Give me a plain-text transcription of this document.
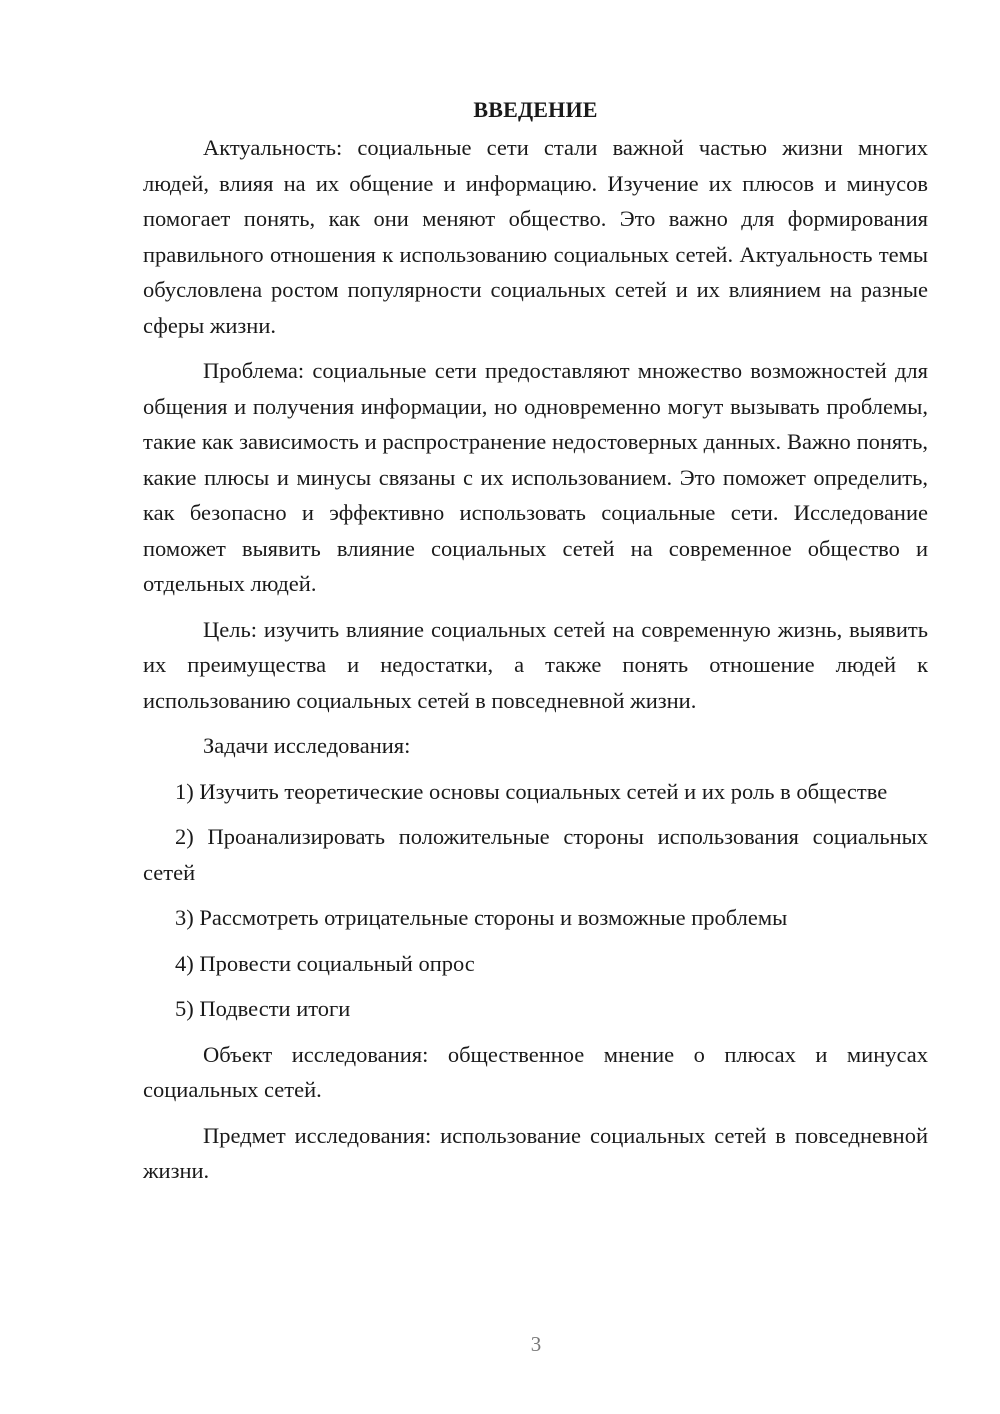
ВВЕДЕНИЕ

Актуальность: социальные сети стали важной частью жизни многих людей, влияя на их общение и информацию. Изучение их плюсов и минусов помогает понять, как они меняют общество. Это важно для формирования правильного отношения к использованию социальных сетей. Актуальность темы обусловлена ростом популярности социальных сетей и их влиянием на разные сферы жизни.

Проблема: социальные сети предоставляют множество возможностей для общения и получения информации, но одновременно могут вызывать проблемы, такие как зависимость и распространение недостоверных данных. Важно понять, какие плюсы и минусы связаны с их использованием. Это поможет определить, как безопасно и эффективно использовать социальные сети. Исследование поможет выявить влияние социальных сетей на современное общество и отдельных людей.

Цель: изучить влияние социальных сетей на современную жизнь, выявить их преимущества и недостатки, а также понять отношение людей к использованию социальных сетей в повседневной жизни.

Задачи исследования:

1) Изучить теоретические основы социальных сетей и их роль в обществе

2) Проанализировать положительные стороны использования социальных сетей

3) Рассмотреть отрицательные стороны и возможные проблемы

4) Провести социальный опрос

5) Подвести итоги

Объект исследования: общественное мнение о плюсах и минусах социальных сетей.

Предмет исследования: использование социальных сетей в повседневной жизни.

3
